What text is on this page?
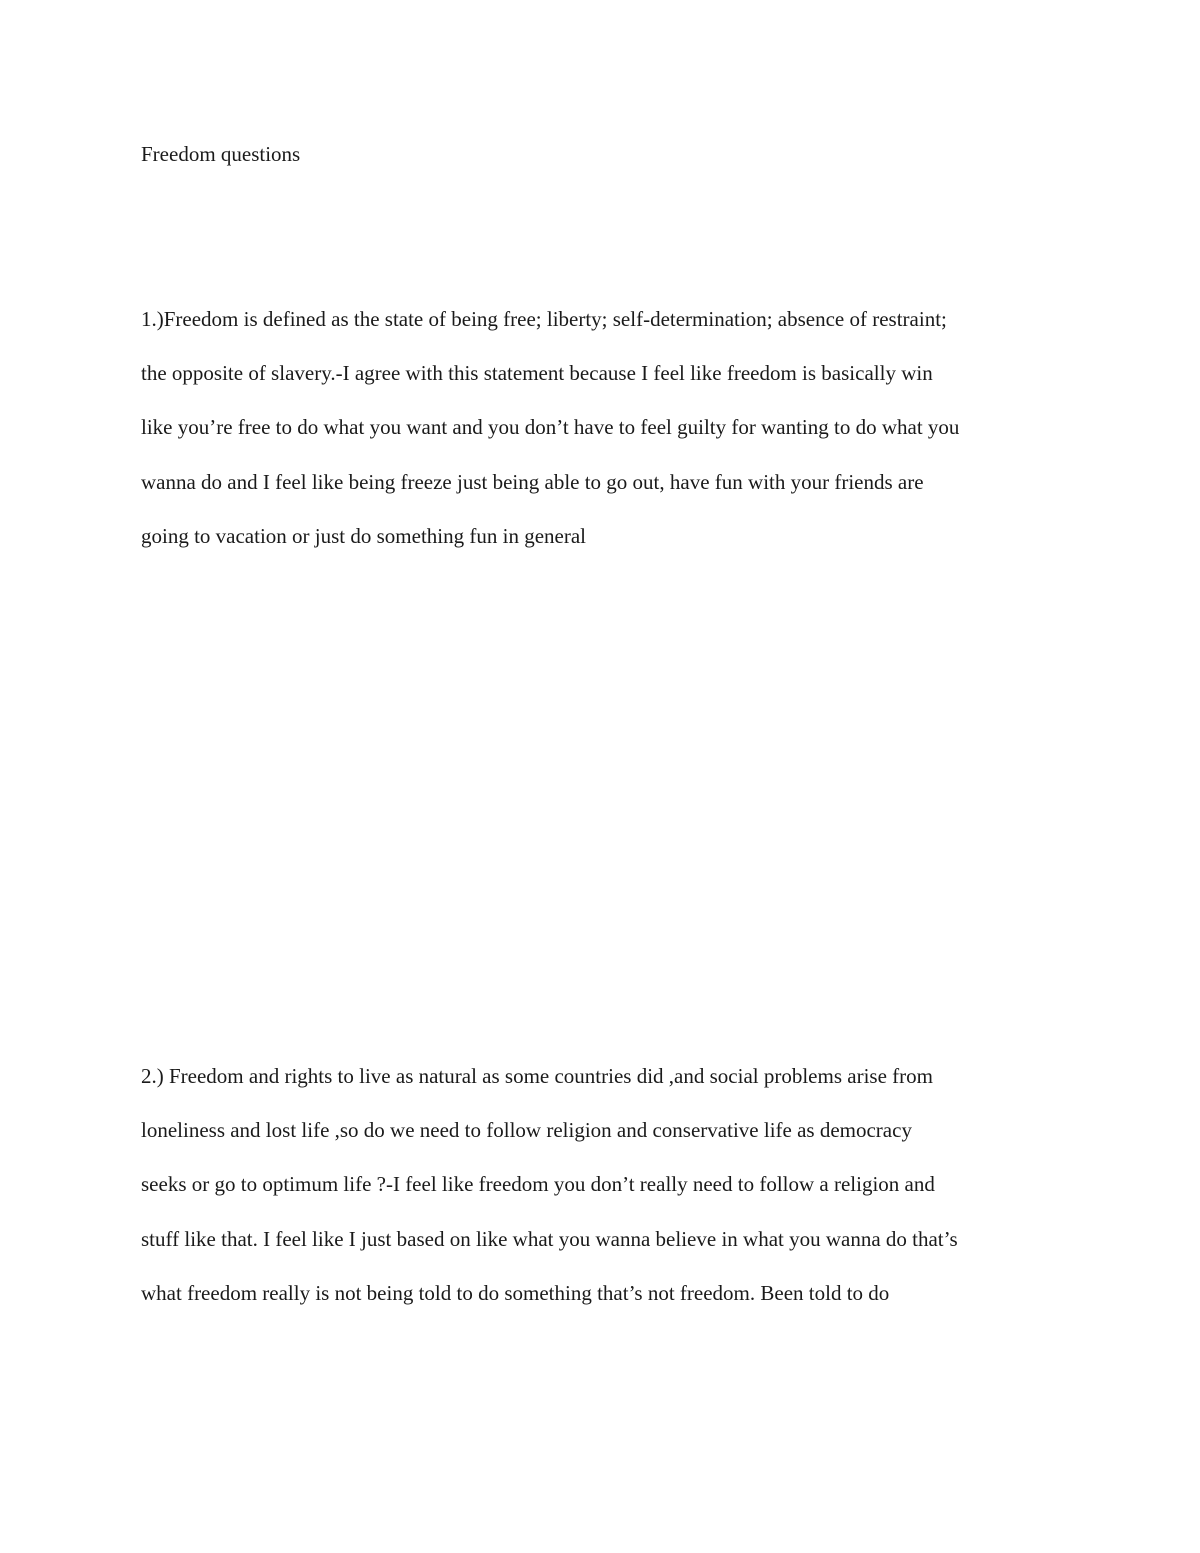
Freedom questions
1.)Freedom is defined as the state of being free; liberty; self-determination; absence of restraint;
the opposite of slavery.-I agree with this statement because I feel like freedom is basically win
like you’re free to do what you want and you don’t have to feel guilty for wanting to do what you
wanna do and I feel like being freeze just being able to go out, have fun with your friends are
going to vacation or just do something fun in general
2.) Freedom and rights to live as natural as some countries did ,and social problems arise from
loneliness and lost life ,so do we need to follow religion and conservative life as democracy
seeks or go to optimum life ?-I feel like freedom you don’t really need to follow a religion and
stuff like that. I feel like I just based on like what you wanna believe in what you wanna do that’s
what freedom really is not being told to do something that’s not freedom. Been told to do
